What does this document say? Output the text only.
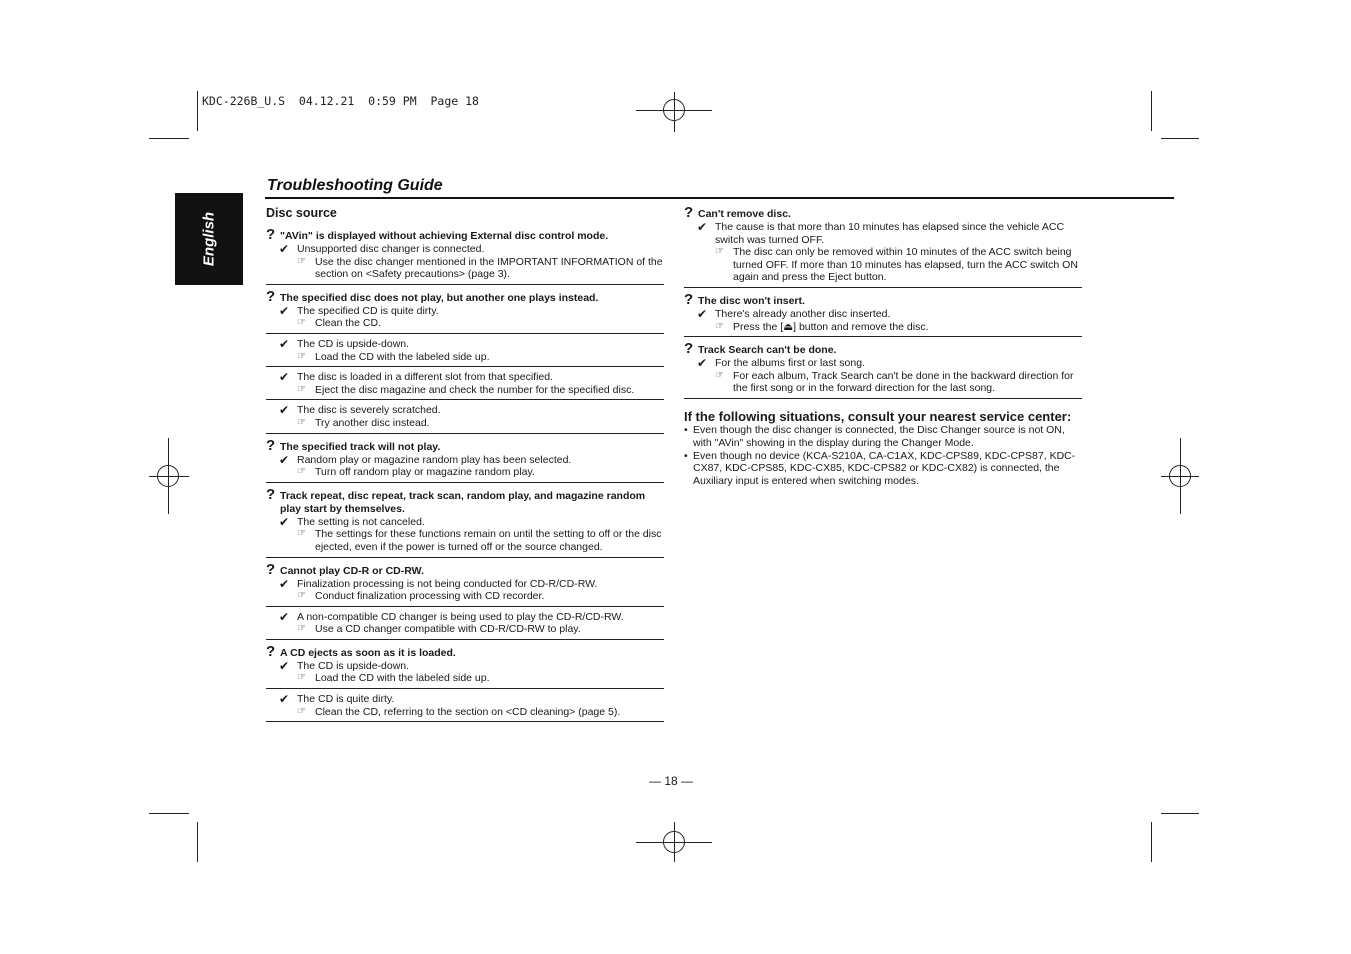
KDC-226B_U.S  04.12.21  0:59 PM  Page 18
English
Troubleshooting Guide
Disc source
? "AVin" is displayed without achieving External disc control mode.
✔ Unsupported disc changer is connected.
☞ Use the disc changer mentioned in the IMPORTANT INFORMATION of the section on <Safety precautions> (page 3).
? The specified disc does not play, but another one plays instead.
✔ The specified CD is quite dirty.
☞ Clean the CD.
✔ The CD is upside-down.
☞ Load the CD with the labeled side up.
✔ The disc is loaded in a different slot from that specified.
☞ Eject the disc magazine and check the number for the specified disc.
✔ The disc is severely scratched.
☞ Try another disc instead.
? The specified track will not play.
✔ Random play or magazine random play has been selected.
☞ Turn off random play or magazine random play.
? Track repeat, disc repeat, track scan, random play, and magazine random play start by themselves.
✔ The setting is not canceled.
☞ The settings for these functions remain on until the setting to off or the disc ejected, even if the power is turned off or the source changed.
? Cannot play CD-R or CD-RW.
✔ Finalization processing is not being conducted for CD-R/CD-RW.
☞ Conduct finalization processing with CD recorder.
✔ A non-compatible CD changer is being used to play the CD-R/CD-RW.
☞ Use a CD changer compatible with CD-R/CD-RW to play.
? A CD ejects as soon as it is loaded.
✔ The CD is upside-down.
☞ Load the CD with the labeled side up.
✔ The CD is quite dirty.
☞ Clean the CD, referring to the section on <CD cleaning> (page 5).
? Can't remove disc.
✔ The cause is that more than 10 minutes has elapsed since the vehicle ACC switch was turned OFF.
☞ The disc can only be removed within 10 minutes of the ACC switch being turned OFF. If more than 10 minutes has elapsed, turn the ACC switch ON again and press the Eject button.
? The disc won't insert.
✔ There's already another disc inserted.
☞ Press the [⏏] button and remove the disc.
? Track Search can't be done.
✔ For the albums first or last song.
☞ For each album, Track Search can't be done in the backward direction for the first song or in the forward direction for the last song.
If the following situations, consult your nearest service center:
• Even though the disc changer is connected, the Disc Changer source is not ON, with "AVin" showing in the display during the Changer Mode.
• Even though no device (KCA-S210A, CA-C1AX, KDC-CPS89, KDC-CPS87, KDC-CX87, KDC-CPS85, KDC-CX85, KDC-CPS82 or KDC-CX82) is connected, the Auxiliary input is entered when switching modes.
— 18 —
